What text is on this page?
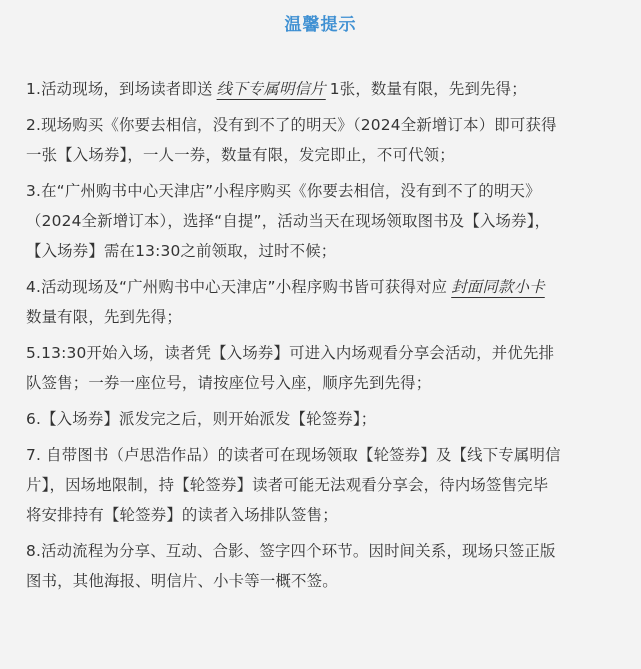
温馨提示
1.活动现场，到场读者即送 线下专属明信片 1张，数量有限，先到先得；
2.现场购买《你要去相信，没有到不了的明天》（2024全新增订本）即可获得
一张【入场券】，一人一券，数量有限，发完即止，不可代领；
3.在“广州购书中心天津店”小程序购买《你要去相信，没有到不了的明天》
（2024全新增订本），选择“自提”，活动当天在现场领取图书及【入场券】，
【入场券】需在13:30之前领取，过时不候；
4.活动现场及“广州购书中心天津店”小程序购书皆可获得对应 封面同款小卡
数量有限，先到先得；
5.13:30开始入场，读者凭【入场券】可进入内场观看分享会活动，并优先排
队签售；一券一座位号，请按座位号入座，顺序先到先得；
6.【入场券】派发完之后，则开始派发【轮签券】；
7. 自带图书（卢思浩作品）的读者可在现场领取【轮签券】及【线下专属明信
片】，因场地限制，持【轮签券】读者可能无法观看分享会，待内场签售完毕
将安排持有【轮签券】的读者入场排队签售；
8.活动流程为分享、互动、合影、签字四个环节。因时间关系，现场只签正版
图书，其他海报、明信片、小卡等一概不签。
